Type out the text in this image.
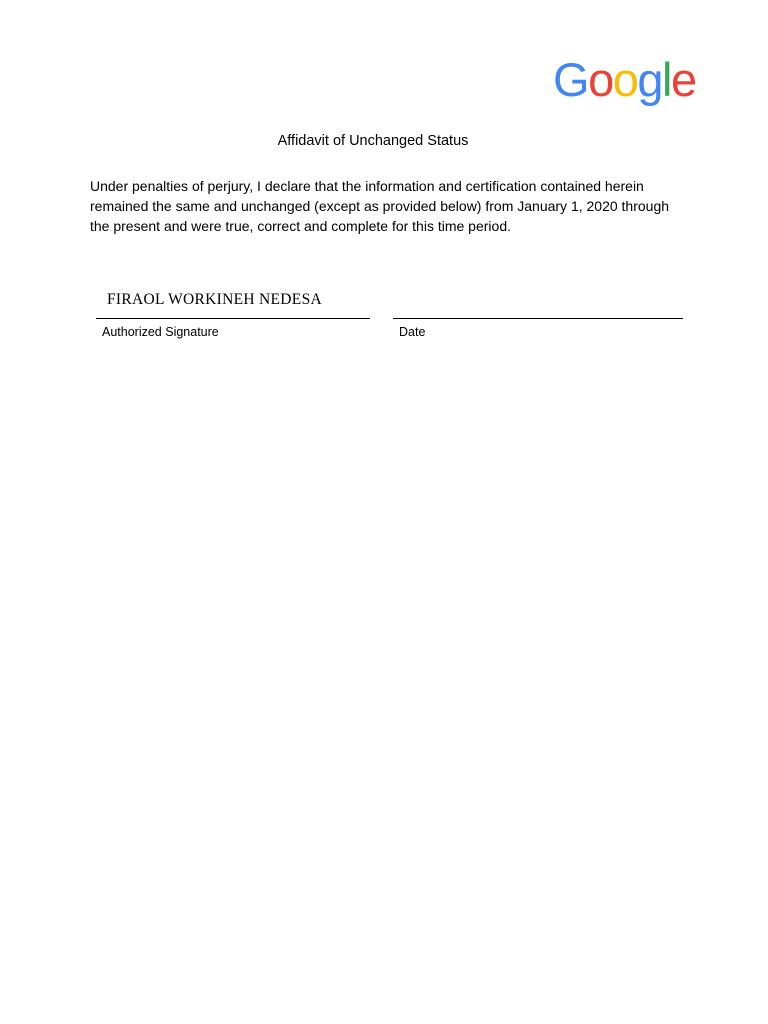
Google
Affidavit of Unchanged Status
Under penalties of perjury, I declare that the information and certification contained herein
remained the same and unchanged (except as provided below) from January 1, 2020 through
the present and were true, correct and complete for this time period.
FIRAOL WORKINEH NEDESA
Authorized Signature	Date
